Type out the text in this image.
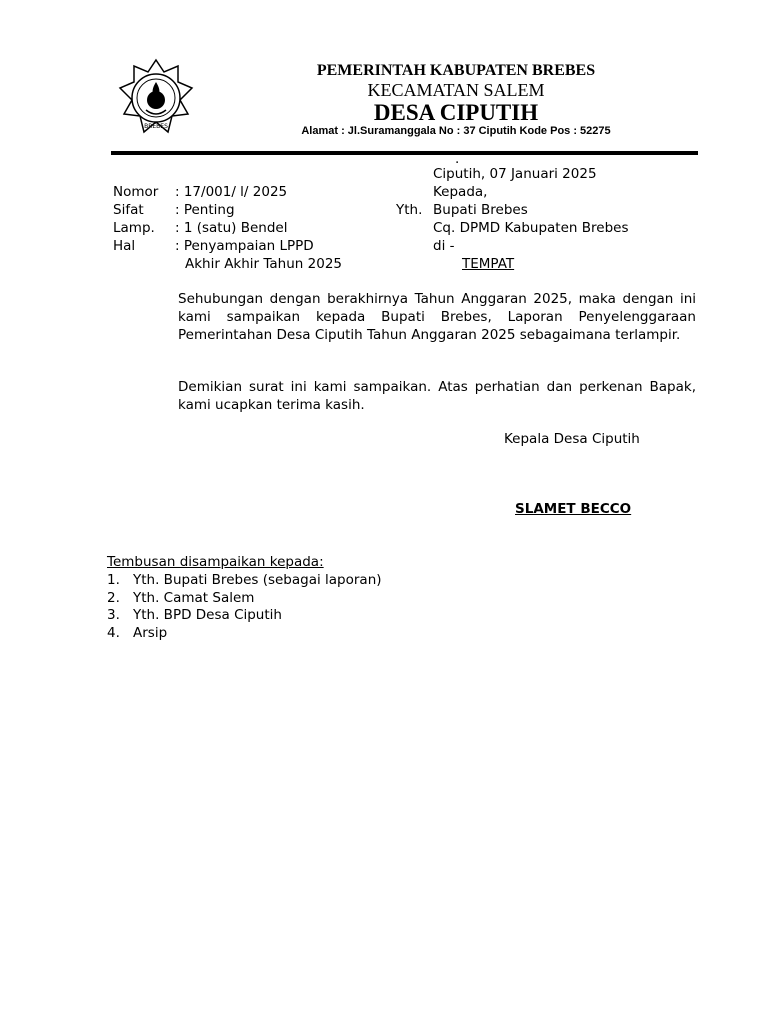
BREBES
PEMERINTAH KABUPATEN BREBES
KECAMATAN SALEM
DESA CIPUTIH
Alamat : Jl.Suramanggala No : 37 Ciputih Kode Pos : 52275
.
Ciputih, 07 Januari 2025
Nomor : 17/001/ l/ 2025
Sifat : Penting
Lamp. : 1 (satu) Bendel
Hal	: Penyampaian LPPD
Akhir Akhir Tahun 2025
Kepada,
Yth. Bupati Brebes
Cq. DPMD Kabupaten Brebes
di -
TEMPAT
Sehubungan dengan berakhirnya Tahun Anggaran 2025, maka dengan ini kami sampaikan kepada Bupati Brebes, Laporan Penyelenggaraan Pemerintahan Desa Ciputih Tahun Anggaran 2025 sebagaimana terlampir.
Demikian surat ini kami sampaikan. Atas perhatian dan perkenan Bapak, kami ucapkan terima kasih.
Kepala Desa Ciputih
SLAMET BECCO
Tembusan disampaikan kepada:
1. Yth. Bupati Brebes (sebagai laporan)
2. Yth. Camat Salem
3. Yth. BPD Desa Ciputih
4. Arsip
